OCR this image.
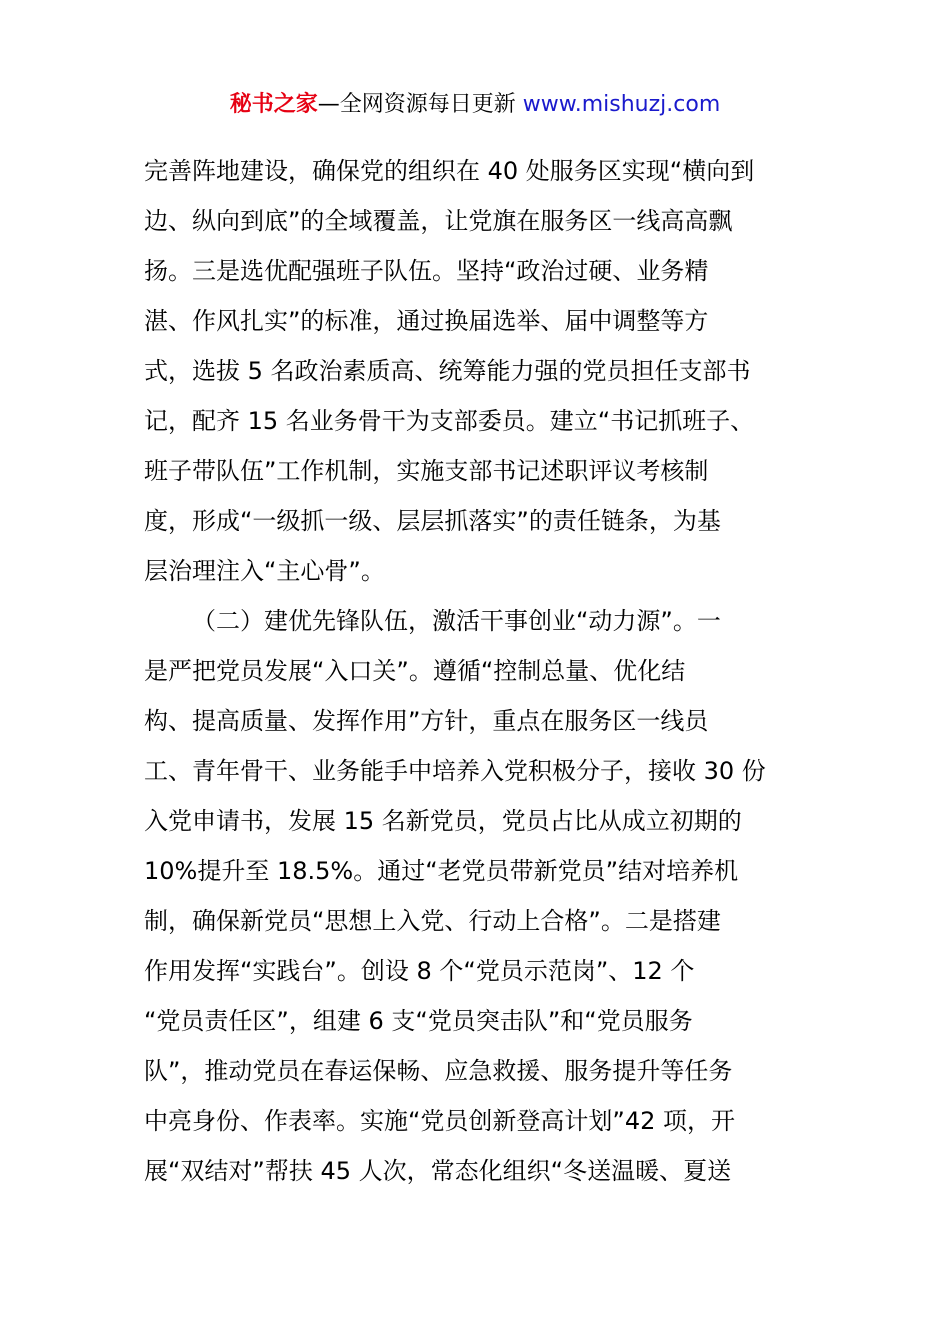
秘书之家—全网资源每日更新 www.mishuzj.com
完善阵地建设，确保党的组织在 40 处服务区实现“横向到
边、纵向到底”的全域覆盖，让党旗在服务区一线高高飘
扬。三是选优配强班子队伍。坚持“政治过硬、业务精
湛、作风扎实”的标准，通过换届选举、届中调整等方
式，选拔 5 名政治素质高、统筹能力强的党员担任支部书
记，配齐 15 名业务骨干为支部委员。建立“书记抓班子、
班子带队伍”工作机制，实施支部书记述职评议考核制
度，形成“一级抓一级、层层抓落实”的责任链条，为基
层治理注入“主心骨”。
（二）建优先锋队伍，激活干事创业“动力源”。一
是严把党员发展“入口关”。遵循“控制总量、优化结
构、提高质量、发挥作用”方针，重点在服务区一线员
工、青年骨干、业务能手中培养入党积极分子，接收 30 份
入党申请书，发展 15 名新党员，党员占比从成立初期的
10%提升至 18.5%。通过“老党员带新党员”结对培养机
制，确保新党员“思想上入党、行动上合格”。二是搭建
作用发挥“实践台”。创设 8 个“党员示范岗”、12 个
“党员责任区”，组建 6 支“党员突击队”和“党员服务
队”，推动党员在春运保畅、应急救援、服务提升等任务
中亮身份、作表率。实施“党员创新登高计划”42 项，开
展“双结对”帮扶 45 人次，常态化组织“冬送温暖、夏送
